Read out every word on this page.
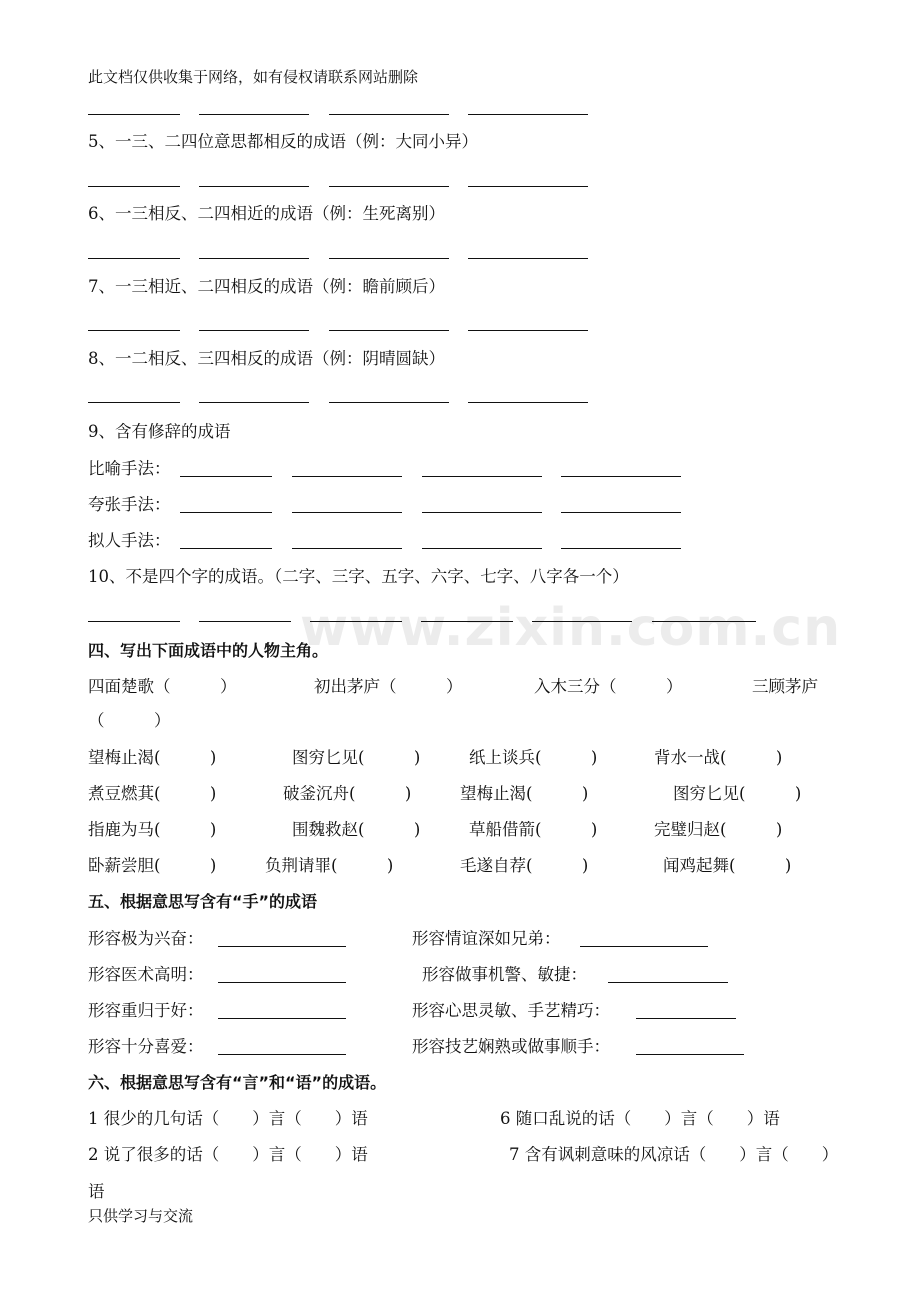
www.zixin.com.cn
此文档仅供收集于网络，如有侵权请联系网站删除
5、一三、二四位意思都相反的成语（例：大同小异）
6、一三相反、二四相近的成语（例：生死离别）
7、一三相近、二四相反的成语（例：瞻前顾后）
8、一二相反、三四相反的成语（例：阴晴圆缺）
9、含有修辞的成语
比喻手法：
夸张手法：
拟人手法：
10、不是四个字的成语。（二字、三字、五字、六字、七字、八字各一个）
四、写出下面成语中的人物主角。
四面楚歌（　　　）	初出茅庐（　　　）	入木三分（　　　）	三顾茅庐
（　　　）
望梅止渴(　　　)	图穷匕见(　　　)	纸上谈兵(　　　)	背水一战(　　　)
煮豆燃萁(　　　)	破釜沉舟(　　　)	望梅止渴(　　　)	图穷匕见(　　　)
指鹿为马(　　　)	围魏救赵(　　　)	草船借箭(　　　)	完璧归赵(　　　)
卧薪尝胆(　　　)	负荆请罪(　　　)	毛遂自荐(　　　)	闻鸡起舞(　　　)
五、根据意思写含有“手”的成语
形容极为兴奋：	形容情谊深如兄弟：
形容医术高明：	形容做事机警、敏捷：
形容重归于好：	形容心思灵敏、手艺精巧：
形容十分喜爱：	形容技艺娴熟或做事顺手：
六、根据意思写含有“言”和“语”的成语。
1 很少的几句话（　　）言（　　）语	6 随口乱说的话（　　）言（　　）语
2 说了很多的话（　　）言（　　）语	7 含有讽刺意味的风凉话（　　）言（　　）
语
只供学习与交流
